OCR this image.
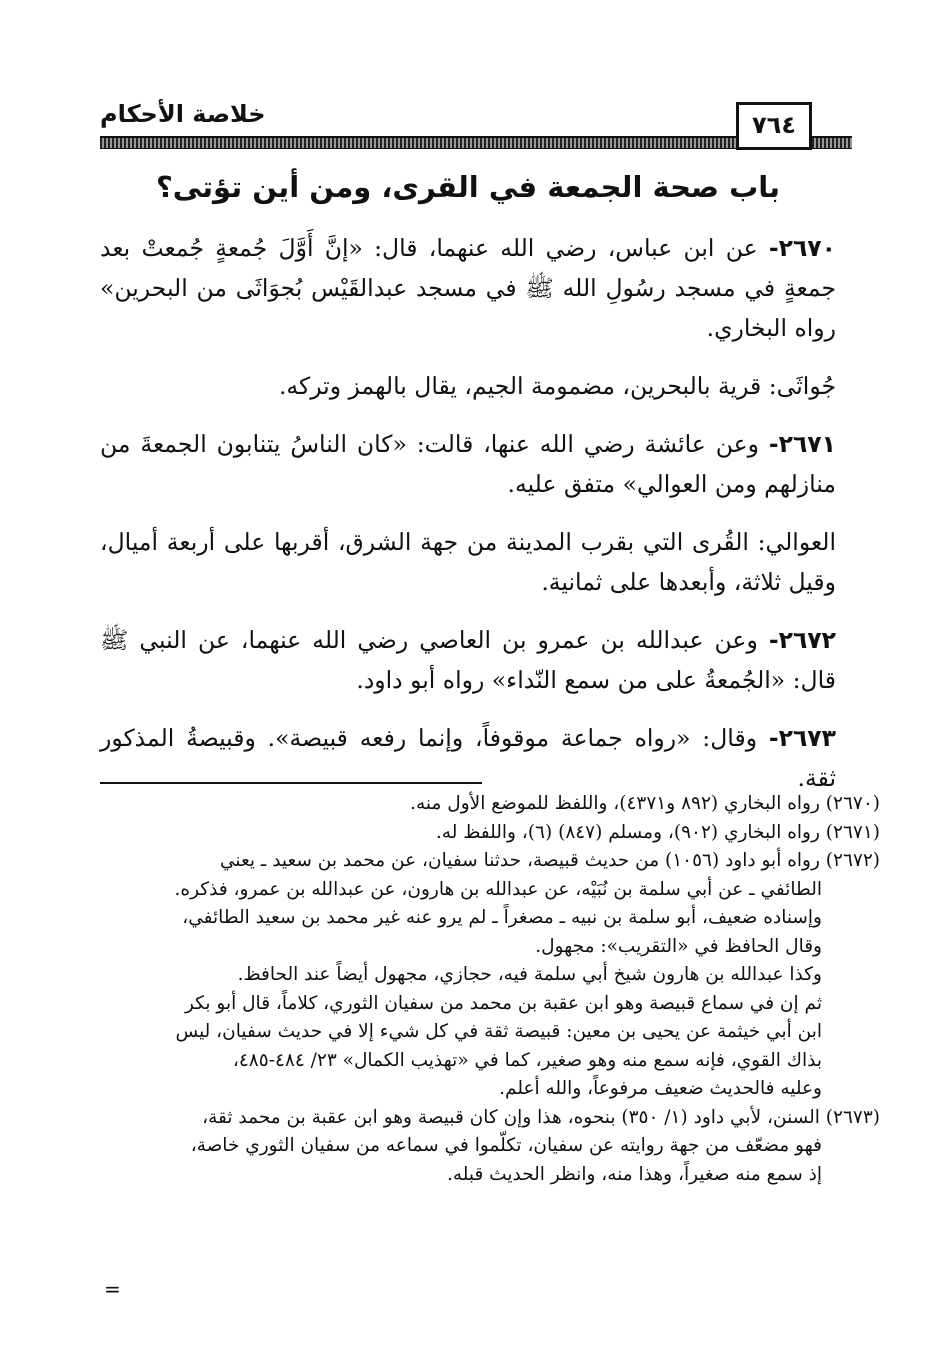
خلاصة الأحكام	٧٦٤
باب صحة الجمعة في القرى، ومن أين تؤتى؟

٢٦٧٠- عن ابن عباس، رضي الله عنهما، قال: «إنَّ أَوَّلَ جُمعةٍ جُمعتْ بعد جمعةٍ في مسجد رسُولِ الله ﷺ في مسجد عبدالقَيْس بُجوَاثَى من البحرين» رواه البخاري.

جُواثَى: قرية بالبحرين، مضمومة الجيم، يقال بالهمز وتركه.

٢٦٧١- وعن عائشة رضي الله عنها، قالت: «كان الناسُ يتنابون الجمعةَ من منازلهم ومن العوالي» متفق عليه.

العوالي: القُرى التي بقرب المدينة من جهة الشرق، أقربها على أربعة أميال، وقيل ثلاثة، وأبعدها على ثمانية.

٢٦٧٢- وعن عبدالله بن عمرو بن العاصي رضي الله عنهما، عن النبي ﷺ قال: «الجُمعةُ على من سمع النّداء» رواه أبو داود.

٢٦٧٣- وقال: «رواه جماعة موقوفاً، وإنما رفعه قبيصة». وقبيصةُ المذكور ثقة.

(٢٦٧٠) رواه البخاري (٨٩٢ و٤٣٧١)، واللفظ للموضع الأول منه.

(٢٦٧١) رواه البخاري (٩٠٢)، ومسلم (٨٤٧) (٦)، واللفظ له.

(٢٦٧٢) رواه أبو داود (١٠٥٦) من حديث قبيصة، حدثنا سفيان، عن محمد بن سعيد ـ يعني
الطائفي ـ عن أبي سلمة بن نُبَيْه، عن عبدالله بن هارون، عن عبدالله بن عمرو، فذكره.
وإسناده ضعيف، أبو سلمة بن نبيه ـ مصغراً ـ لم يرو عنه غير محمد بن سعيد الطائفي،
وقال الحافظ في «التقريب»: مجهول.
وكذا عبدالله بن هارون شيخ أبي سلمة فيه، حجازي، مجهول أيضاً عند الحافظ.
ثم إن في سماع قبيصة وهو ابن عقبة بن محمد من سفيان الثوري، كلاماً، قال أبو بكر
ابن أبي خيثمة عن يحيى بن معين: قبيصة ثقة في كل شيء إلا في حديث سفيان، ليس
بذاك القوي، فإنه سمع منه وهو صغير، كما في «تهذيب الكمال» ٢٣/ ٤٨٤-٤٨٥،
وعليه فالحديث ضعيف مرفوعاً، والله أعلم.

(٢٦٧٣) السنن، لأبي داود (١/ ٣٥٠) بنحوه، هذا وإن كان قبيصة وهو ابن عقبة بن محمد ثقة،
فهو مضعّف من جهة روايته عن سفيان، تكلّموا في سماعه من سفيان الثوري خاصة،
إذ سمع منه صغيراً، وهذا منه، وانظر الحديث قبله.

=
